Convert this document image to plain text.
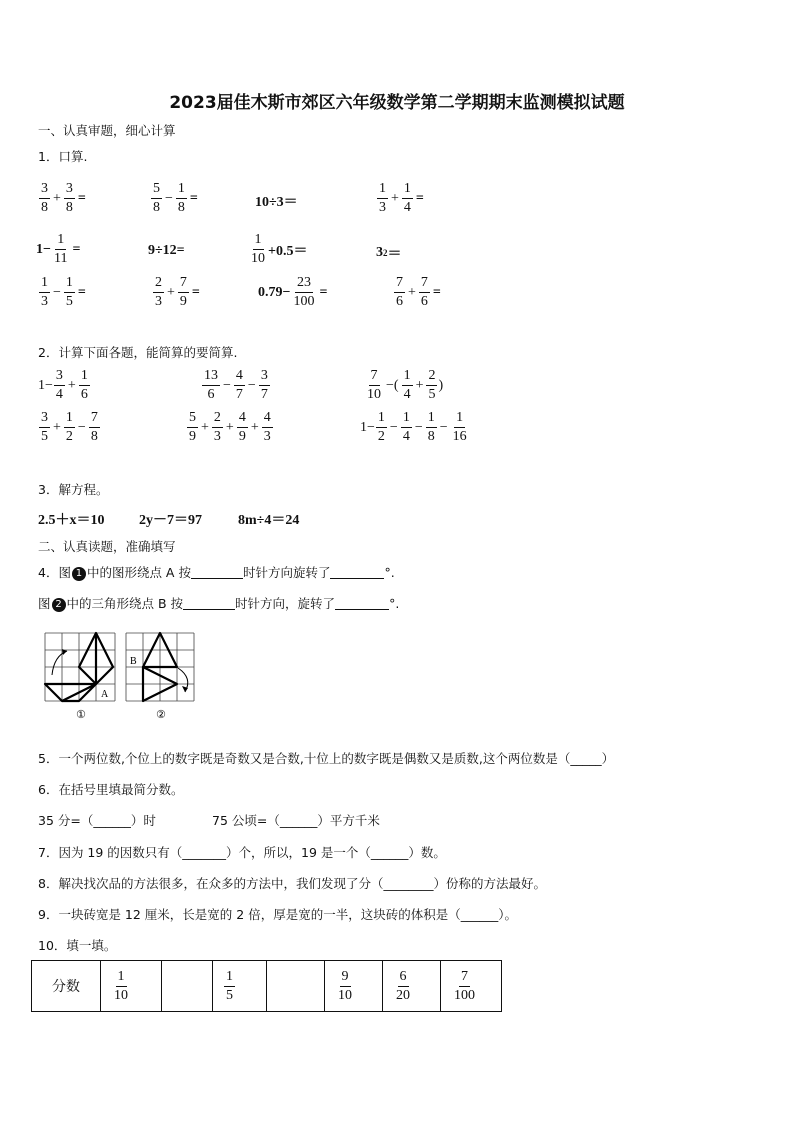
2023届佳木斯市郊区六年级数学第二学期期末监测模拟试题
一、认真审题，细心计算
1．口算.
$\frac{3}{8} + \frac{3}{8}$ =	$\frac{5}{8} - \frac{1}{8}$ =	10÷3＝	$\frac{1}{3} + \frac{1}{4}$ =
$1- \frac{1}{11}$ =	9÷12=	$\frac{1}{10} +0.5=$	3 2 ＝
$\frac{1}{3} - \frac{1}{5}$ =	$\frac{2}{3} + \frac{7}{9}$ =	$0.79- \frac{23}{100}$ =	$\frac{7}{6} + \frac{7}{6}$ =
2．计算下面各题，能简算的要简算.
$1- \frac{3}{4} + \frac{1}{6}$	$\frac{13}{6} - \frac{4}{7} - \frac{3}{7}$	$\frac{7}{10}$ −( $\frac{1}{4} + \frac{2}{5}$ )
$\frac{3}{5} + \frac{1}{2} - \frac{7}{8}$	$\frac{5}{9} + \frac{2}{3} + \frac{4}{9} + \frac{4}{3}$	$1- \frac{1}{2} - \frac{1}{4} - \frac{1}{8} - \frac{1}{16}$
3．解方程。
2.5＋x＝10 2y－7＝97	8m÷4＝24
二、认真读题，准确填写
4．图 1 中的图形绕点 A 按	时针方向旋转了	°.
图 2 中的三角形绕点 B 按	时针方向，旋转了	°.
A
①
B
②
5．一个两位数,个位上的数字既是奇数又是合数,十位上的数字既是偶数又是质数,这个两位数是（_____）
6．在括号里填最简分数。
35 分=（______）时	75 公顷=（______）平方千米
7．因为 19 的因数只有（_______）个，所以，19 是一个（______）数。
8．解决找次品的方法很多，在众多的方法中，我们发现了分（________）份称的方法最好。
9．一块砖宽是 12 厘米，长是宽的 2 倍，厚是宽的一半，这块砖的体积是（______）。
10．填一填。
分数	$\frac{1}{10}$		$\frac{1}{5}$		$\frac{9}{10}$	$\frac{6}{20}$	$\frac{7}{100}$
